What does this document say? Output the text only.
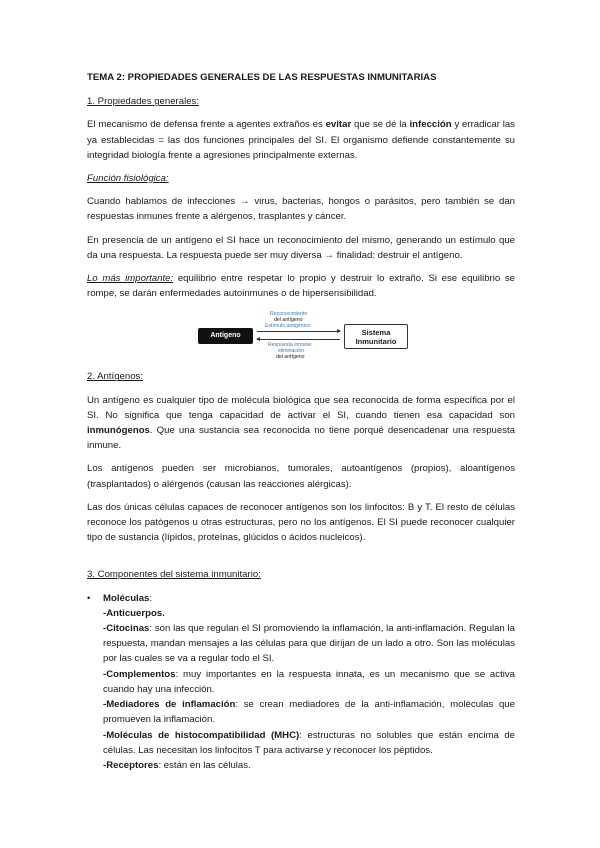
TEMA 2: PROPIEDADES GENERALES DE LAS RESPUESTAS INMUNITARIAS

1. Propiedades generales:

El mecanismo de defensa frente a agentes extraños es evitar que se dé la infección y erradicar las ya establecidas = las dos funciones principales del SI. El organismo defiende constantemente su integridad biología frente a agresiones principalmente externas.

Función fisiológica:

Cuando hablamos de infecciones → virus, bacterias, hongos o parásitos, pero también se dan respuestas inmunes frente a alérgenos, trasplantes y cáncer.

En presencia de un antígeno el SI hace un reconocimiento del mismo, generando un estímulo que da una respuesta. La respuesta puede ser muy diversa → finalidad: destruir el antígeno.

Lo más importante: equilibrio entre respetar lo propio y destruir lo extraño. Si ese equilibrio se rompe, se darán enfermedades autoinmunes o de hipersensibilidad.

Antígeno	Sistema
Inmunitario
Reconocimiento
del antígeno
Estímulo antigénico
Respuesta inmune
eliminación
del antígeno

2. Antígenos:

Un antígeno es cualquier tipo de molécula biológica que sea reconocida de forma específica por el SI. No significa que tenga capacidad de activar el SI, cuando tienen esa capacidad son inmunógenos. Que una sustancia sea reconocida no tiene porqué desencadenar una respuesta inmune.

Los antígenos pueden ser microbianos, tumorales, autoantígenos (propios), aloantígenos (trasplantados) o alérgenos (causan las reacciones alérgicas).

Las dos únicas células capaces de reconocer antígenos son los linfocitos: B y T. El resto de células reconoce los patógenos u otras estructuras, pero no los antígenos. El SI puede reconocer cualquier tipo de sustancia (lípidos, proteínas, glúcidos o ácidos nucleicos).

3. Componentes del sistema inmunitario:

• Moléculas:

-Anticuerpos.

-Citocinas: son las que regulan el SI promoviendo la inflamación, la anti-inflamación. Regulan la respuesta, mandan mensajes a las células para que dirijan de un lado a otro. Son las moléculas por las cuales se va a regular todo el SI.

-Complementos: muy importantes en la respuesta innata, es un mecanismo que se activa cuando hay una infección.

-Mediadores de inflamación: se crean mediadores de la anti-inflamación, moléculas que promueven la inflamación.

-Moléculas de histocompatibilidad (MHC): estructuras no solubles que están encima de células. Las necesitan los linfocitos T para activarse y reconocer los péptidos.

-Receptores: están en las células.
